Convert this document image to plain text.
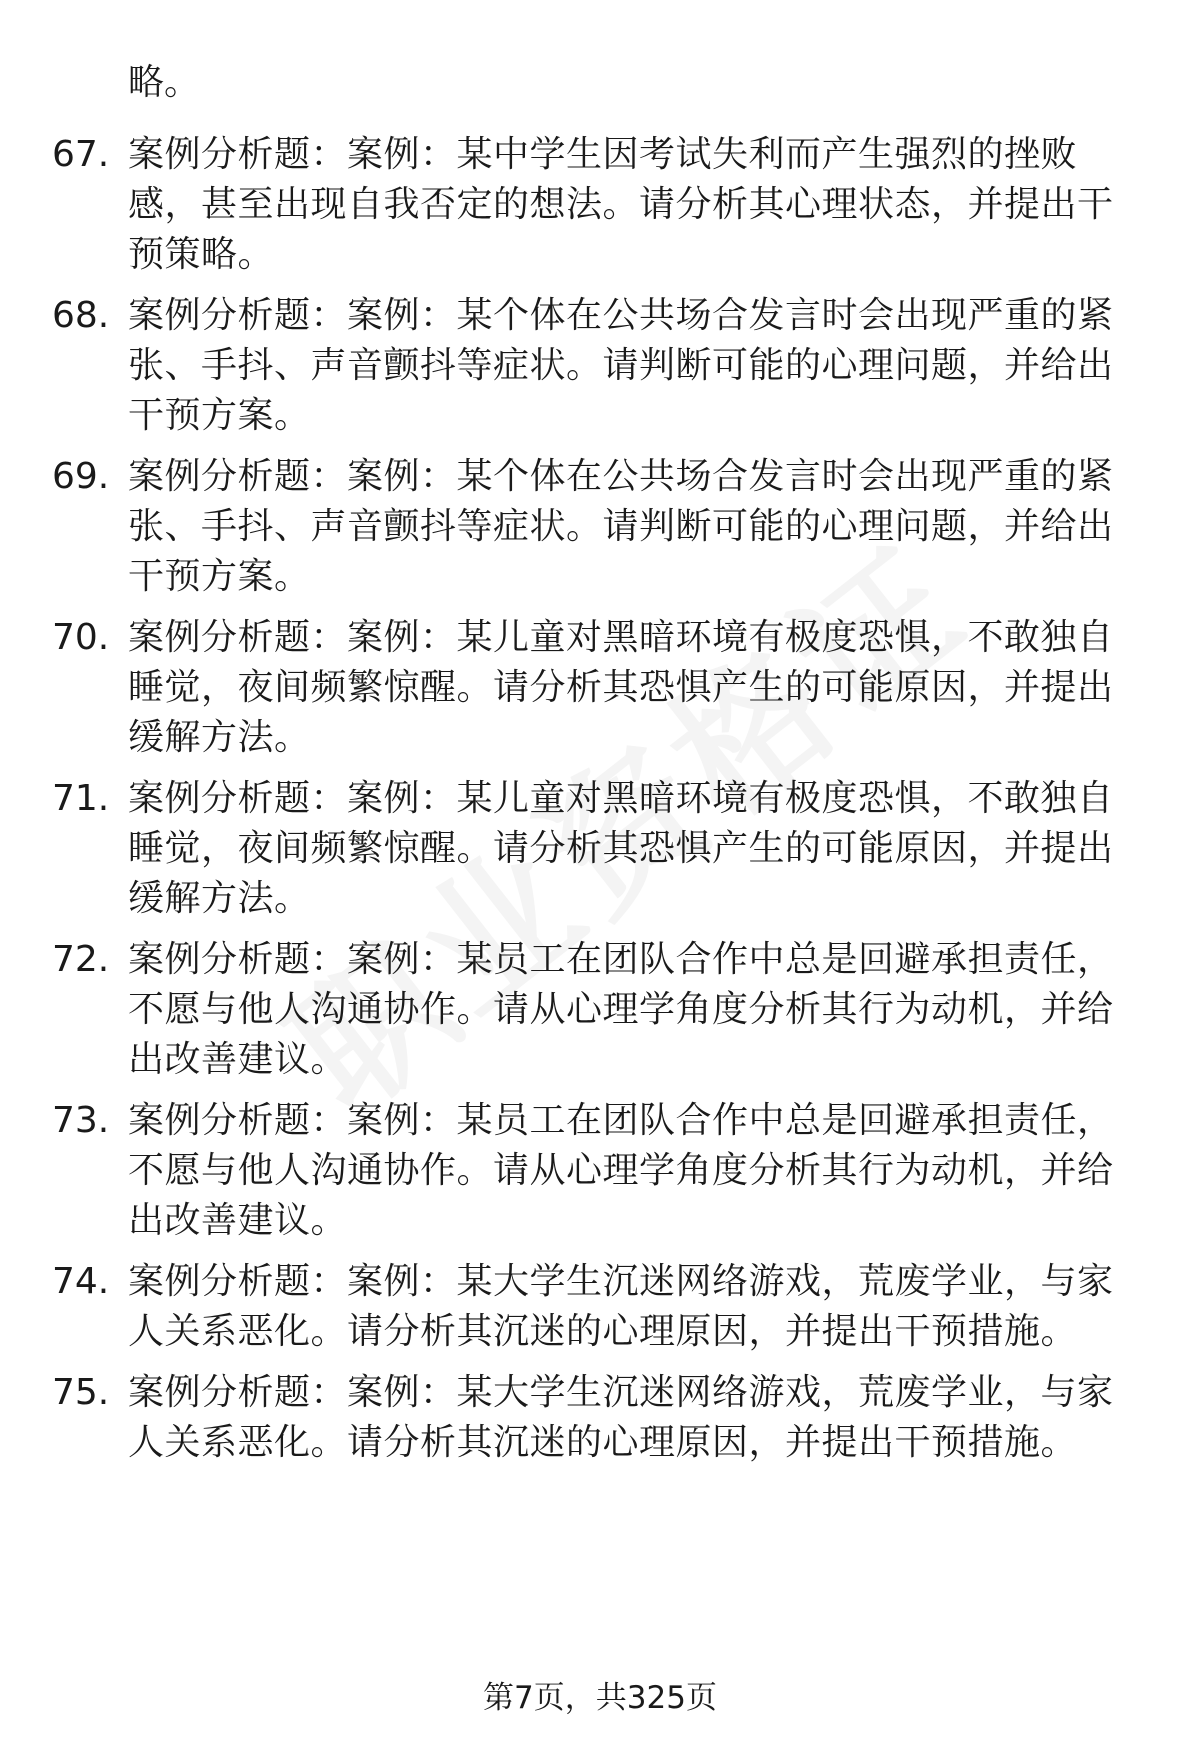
略。
67. 案例分析题：案例：某中学生因考试失利而产生强烈的挫败感，甚至出现自我否定的想法。请分析其心理状态，并提出干预策略。
68. 案例分析题：案例：某个体在公共场合发言时会出现严重的紧张、手抖、声音颤抖等症状。请判断可能的心理问题，并给出干预方案。
69. 案例分析题：案例：某个体在公共场合发言时会出现严重的紧张、手抖、声音颤抖等症状。请判断可能的心理问题，并给出干预方案。
70. 案例分析题：案例：某儿童对黑暗环境有极度恐惧，不敢独自睡觉，夜间频繁惊醒。请分析其恐惧产生的可能原因，并提出缓解方法。
71. 案例分析题：案例：某儿童对黑暗环境有极度恐惧，不敢独自睡觉，夜间频繁惊醒。请分析其恐惧产生的可能原因，并提出缓解方法。
72. 案例分析题：案例：某员工在团队合作中总是回避承担责任，不愿与他人沟通协作。请从心理学角度分析其行为动机，并给出改善建议。
73. 案例分析题：案例：某员工在团队合作中总是回避承担责任，不愿与他人沟通协作。请从心理学角度分析其行为动机，并给出改善建议。
74. 案例分析题：案例：某大学生沉迷网络游戏，荒废学业，与家人关系恶化。请分析其沉迷的心理原因，并提出干预措施。
75. 案例分析题：案例：某大学生沉迷网络游戏，荒废学业，与家人关系恶化。请分析其沉迷的心理原因，并提出干预措施。
第7页，共325页
